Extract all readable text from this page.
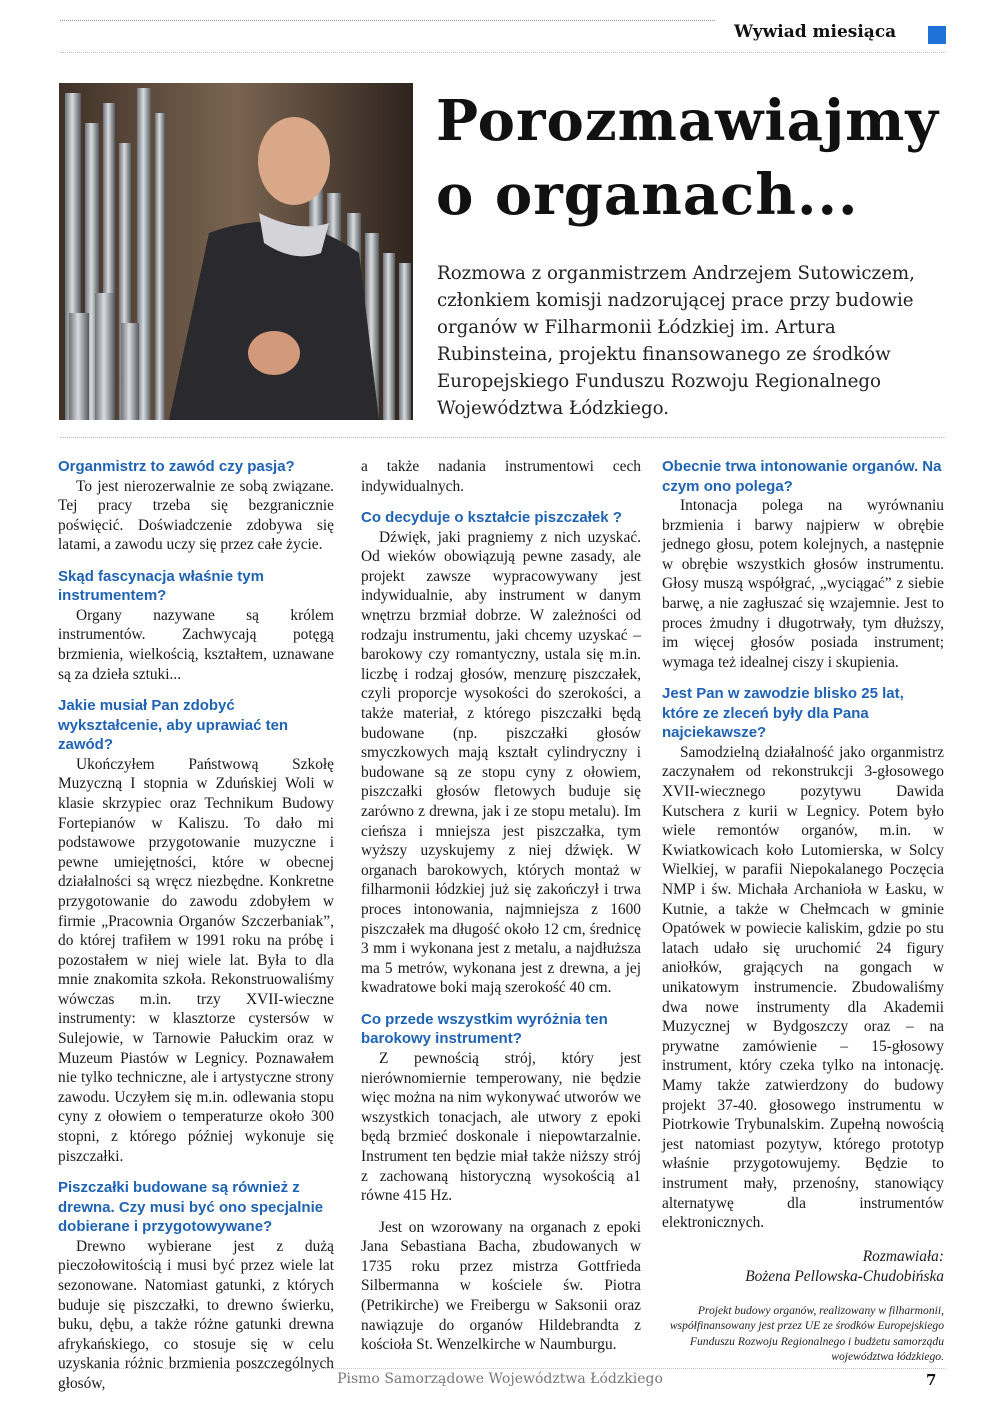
Wywiad miesiąca
Porozmawiajmy o organach...

Rozmowa z organmistrzem Andrzejem Sutowiczem, członkiem komisji nadzorującej prace przy budowie organów w Filharmonii Łódzkiej im. Artura Rubinsteina, projektu finansowanego ze środków Europejskiego Funduszu Rozwoju Regionalnego Województwa Łódzkiego.

Organmistrz to zawód czy pasja?

To jest nierozerwalnie ze sobą związane. Tej pracy trzeba się bezgranicznie poświęcić. Doświadczenie zdobywa się latami, a zawodu uczy się przez całe życie.

Skąd fascynacja właśnie tym instrumentem?

Organy nazywane są królem instrumentów. Zachwycają potęgą brzmienia, wielkością, kształtem, uznawane są za dzieła sztuki...

Jakie musiał Pan zdobyć wykształcenie, aby uprawiać ten zawód?

Ukończyłem Państwową Szkołę Muzyczną I stopnia w Zduńskiej Woli w klasie skrzypiec oraz Technikum Budowy Fortepianów w Kaliszu. To dało mi podstawowe przygotowanie muzyczne i pewne umiejętności, które w obecnej działalności są wręcz niezbędne. Konkretne przygotowanie do zawodu zdobyłem w firmie „Pracownia Organów Szczerbaniak”, do której trafiłem w 1991 roku na próbę i pozostałem w niej wiele lat. Była to dla mnie znakomita szkoła. Rekonstruowaliśmy wówczas m.in. trzy XVII-wieczne instrumenty: w klasztorze cystersów w Sulejowie, w Tarnowie Pałuckim oraz w Muzeum Piastów w Legnicy. Poznawałem nie tylko techniczne, ale i artystyczne strony zawodu. Uczyłem się m.in. odlewania stopu cyny z ołowiem o temperaturze około 300 stopni, z którego później wykonuje się piszczałki.

Piszczałki budowane są również z drewna. Czy musi być ono specjalnie dobierane i przygotowywane?

Drewno wybierane jest z dużą pieczołowitością i musi być przez wiele lat sezonowane. Natomiast gatunki, z których buduje się piszczałki, to drewno świerku, buku, dębu, a także różne gatunki drewna afrykańskiego, co stosuje się w celu uzyskania różnic brzmienia poszczególnych głosów,

a także nadania instrumentowi cech indywidualnych.

Co decyduje o kształcie piszczałek ?

Dźwięk, jaki pragniemy z nich uzyskać. Od wieków obowiązują pewne zasady, ale projekt zawsze wypracowywany jest indywidualnie, aby instrument w danym wnętrzu brzmiał dobrze. W zależności od rodzaju instrumentu, jaki chcemy uzyskać – barokowy czy romantyczny, ustala się m.in. liczbę i rodzaj głosów, menzurę piszczałek, czyli proporcje wysokości do szerokości, a także materiał, z którego piszczałki będą budowane (np. piszczałki głosów smyczkowych mają kształt cylindryczny i budowane są ze stopu cyny z ołowiem, piszczałki głosów fletowych buduje się zarówno z drewna, jak i ze stopu metalu). Im cieńsza i mniejsza jest piszczałka, tym wyższy uzyskujemy z niej dźwięk. W organach barokowych, których montaż w filharmonii łódzkiej już się zakończył i trwa proces intonowania, najmniejsza z 1600 piszczałek ma długość około 12 cm, średnicę 3 mm i wykonana jest z metalu, a najdłuższa ma 5 metrów, wykonana jest z drewna, a jej kwadratowe boki mają szerokość 40 cm.

Co przede wszystkim wyróżnia ten barokowy instrument?

Z pewnością strój, który jest nierównomiernie temperowany, nie będzie więc można na nim wykonywać utworów we wszystkich tonacjach, ale utwory z epoki będą brzmieć doskonale i niepowtarzalnie. Instrument ten będzie miał także niższy strój z zachowaną historyczną wysokością a1 równe 415 Hz.

Jest on wzorowany na organach z epoki Jana Sebastiana Bacha, zbudowanych w 1735 roku przez mistrza Gottfrieda Silbermanna w kościele św. Piotra (Petrikirche) we Freibergu w Saksonii oraz nawiązuje do organów Hildebrandta z kościoła St. Wenzelkirche w Naumburgu.

Obecnie trwa intonowanie organów. Na czym ono polega?

Intonacja polega na wyrównaniu brzmienia i barwy najpierw w obrębie jednego głosu, potem kolejnych, a następnie w obrębie wszystkich głosów instrumentu. Głosy muszą współgrać, „wyciągać” z siebie barwę, a nie zagłuszać się wzajemnie. Jest to proces żmudny i długotrwały, tym dłuższy, im więcej głosów posiada instrument; wymaga też idealnej ciszy i skupienia.

Jest Pan w zawodzie blisko 25 lat, które ze zleceń były dla Pana najciekawsze?

Samodzielną działalność jako organmistrz zaczynałem od rekonstrukcji 3-głosowego XVII-wiecznego pozytywu Dawida Kutschera z kurii w Legnicy. Potem było wiele remontów organów, m.in. w Kwiatkowicach koło Lutomierska, w Solcy Wielkiej, w parafii Niepokalanego Poczęcia NMP i św. Michała Archanioła w Łasku, w Kutnie, a także w Chełmcach w gminie Opatówek w powiecie kaliskim, gdzie po stu latach udało się uruchomić 24 figury aniołków, grających na gongach w unikatowym instrumencie. Zbudowaliśmy dwa nowe instrumenty dla Akademii Muzycznej w Bydgoszczy oraz – na prywatne zamówienie – 15-głosowy instrument, który czeka tylko na intonację. Mamy także zatwierdzony do budowy projekt 37-40. głosowego instrumentu w Piotrkowie Trybunalskim. Zupełną nowością jest natomiast pozytyw, którego prototyp właśnie przygotowujemy. Będzie to instrument mały, przenośny, stanowiący alternatywę dla instrumentów elektronicznych.

Rozmawiała:
Bożena Pellowska-Chudobińska
Projekt budowy organów, realizowany w filharmonii, współfinansowany jest przez UE ze środków Europejskiego Funduszu Rozwoju Regionalnego i budżetu samorządu województwa łódzkiego.
Pismo Samorządowe Województwa Łódzkiego	7
